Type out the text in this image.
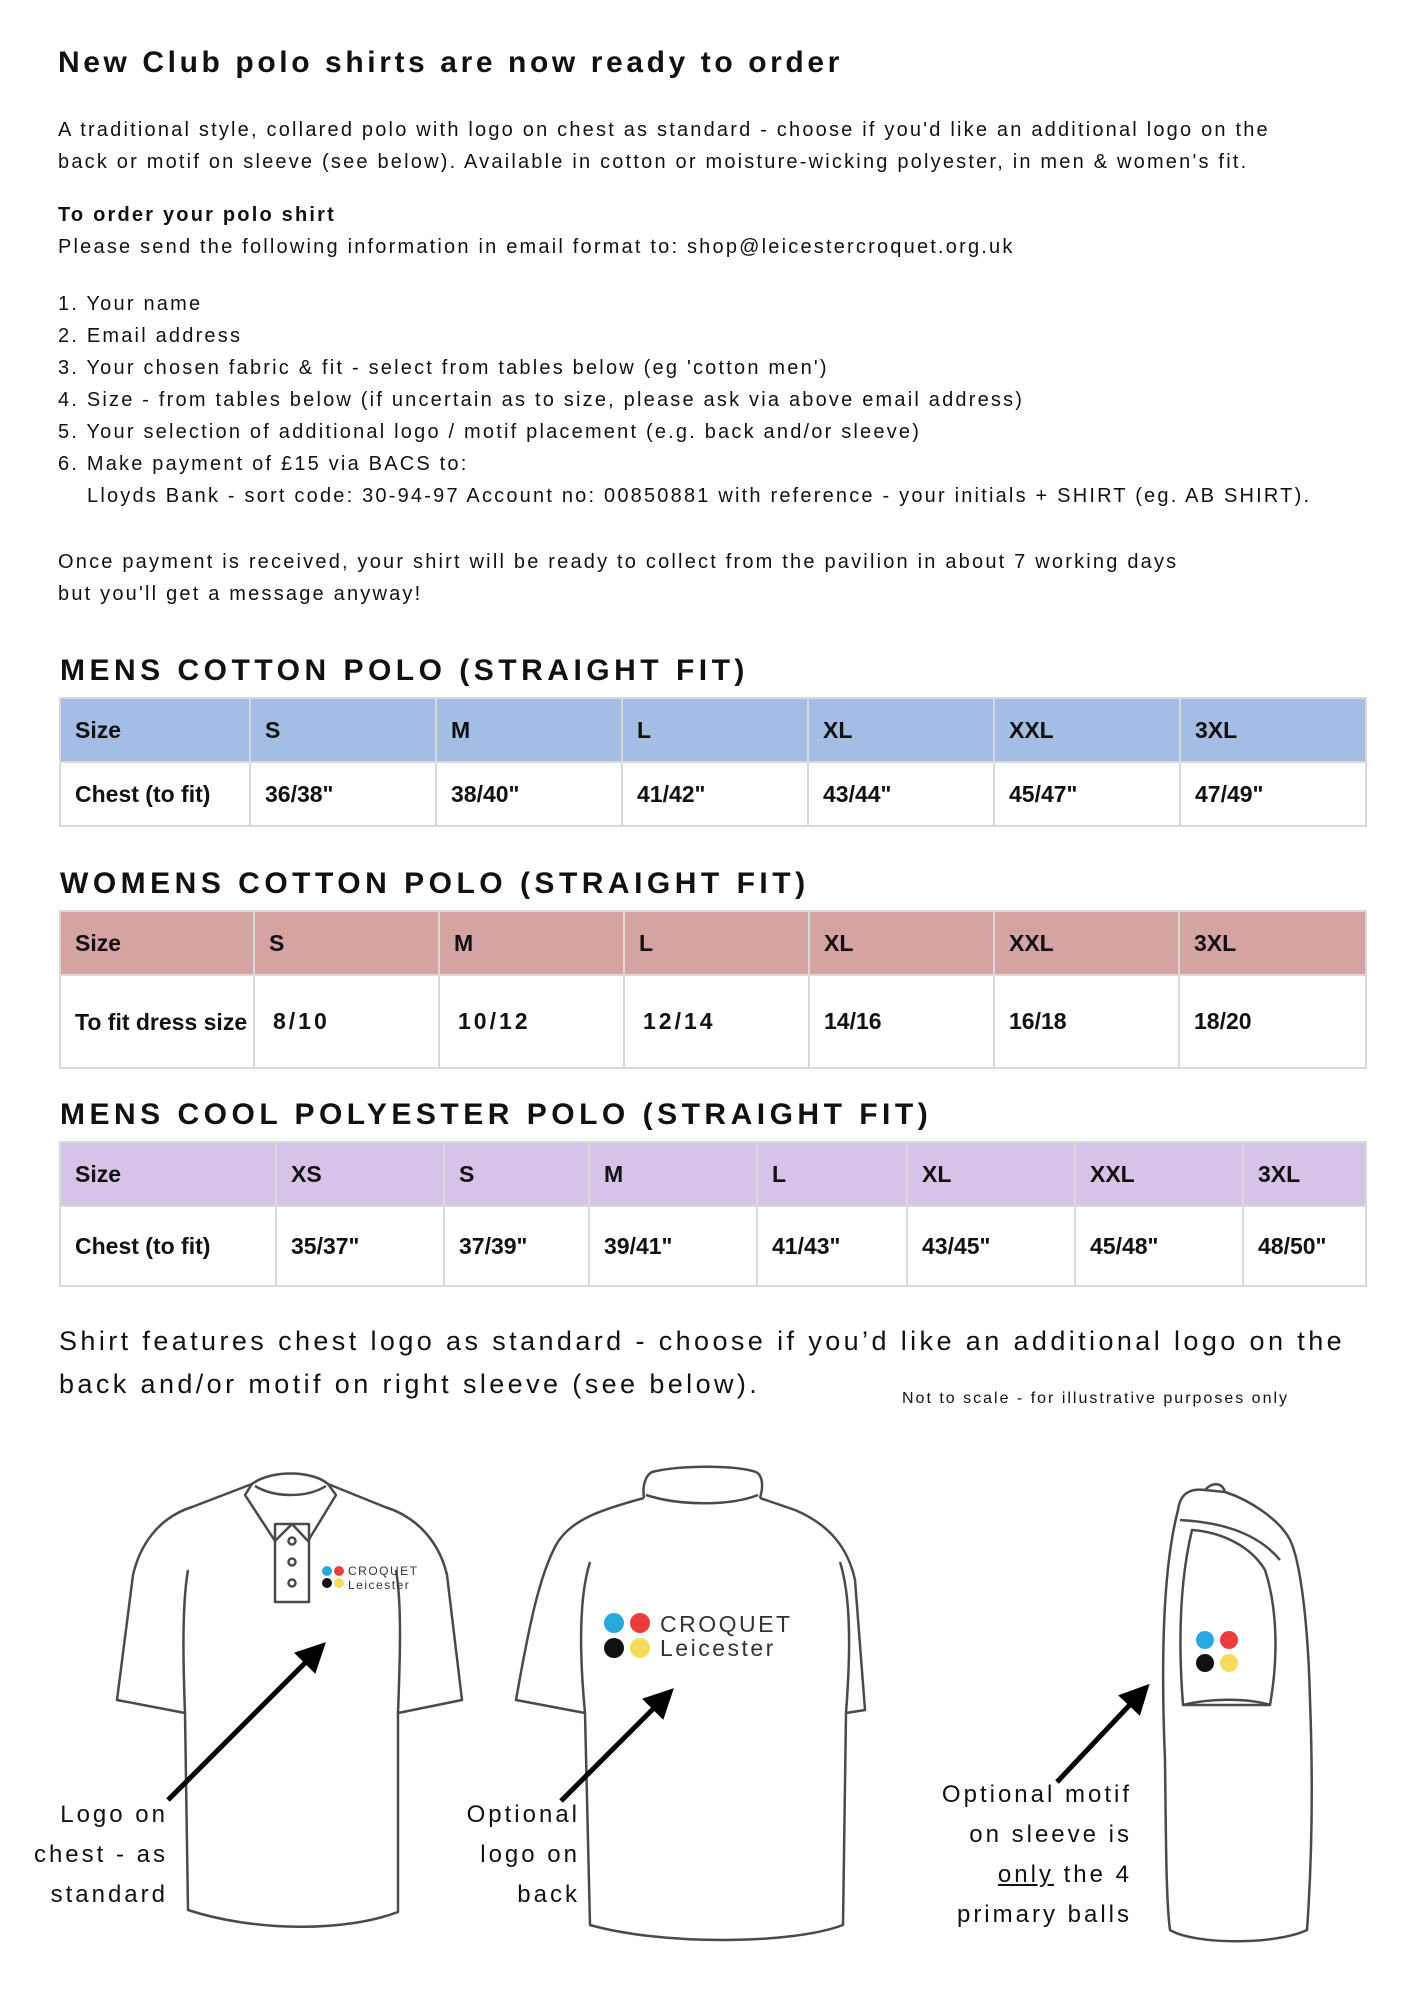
New Club polo shirts are now ready to order

A traditional style, collared polo with logo on chest as standard - choose if you'd like an additional logo on the

back or motif on sleeve (see below). Available in cotton or moisture-wicking polyester, in men & women's fit.

To order your polo shirt

Please send the following information in email format to: shop@leicestercroquet.org.uk

1. Your name
2. Email address
3. Your chosen fabric & fit - select from tables below (eg 'cotton men')
4. Size - from tables below (if uncertain as to size, please ask via above email address)
5. Your selection of additional logo / motif placement (e.g. back and/or sleeve)
6. Make payment of £15 via BACS to:
Lloyds Bank - sort code: 30-94-97 Account no: 00850881 with reference - your initials + SHIRT (eg. AB SHIRT).

Once payment is received, your shirt will be ready to collect from the pavilion in about 7 working days

but you'll get a message anyway!

MENS COTTON POLO (STRAIGHT FIT)
Size	S	M	L	XL	XXL	3XL
Chest (to fit)	36/38"	38/40"	41/42"	43/44"	45/47"	47/49"
WOMENS COTTON POLO (STRAIGHT FIT)
Size	S	M	L	XL	XXL	3XL
To fit dress size	8/10	10/12	12/14	14/16	16/18	18/20
MENS COOL POLYESTER POLO (STRAIGHT FIT)
Size	XS	S	M	L	XL	XXL	3XL
Chest (to fit)	35/37"	37/39"	39/41"	41/43"	43/45"	45/48"	48/50"
Shirt features chest logo as standard - choose if you’d like an additional logo on the
back and/or motif on right sleeve (see below).	Not to scale - for illustrative purposes only

CROQUET
Leicester
CROQUET
Leicester
Logo on
chest - as
standard
Optional
logo on
back
Optional motif
on sleeve is
only the 4
primary balls
